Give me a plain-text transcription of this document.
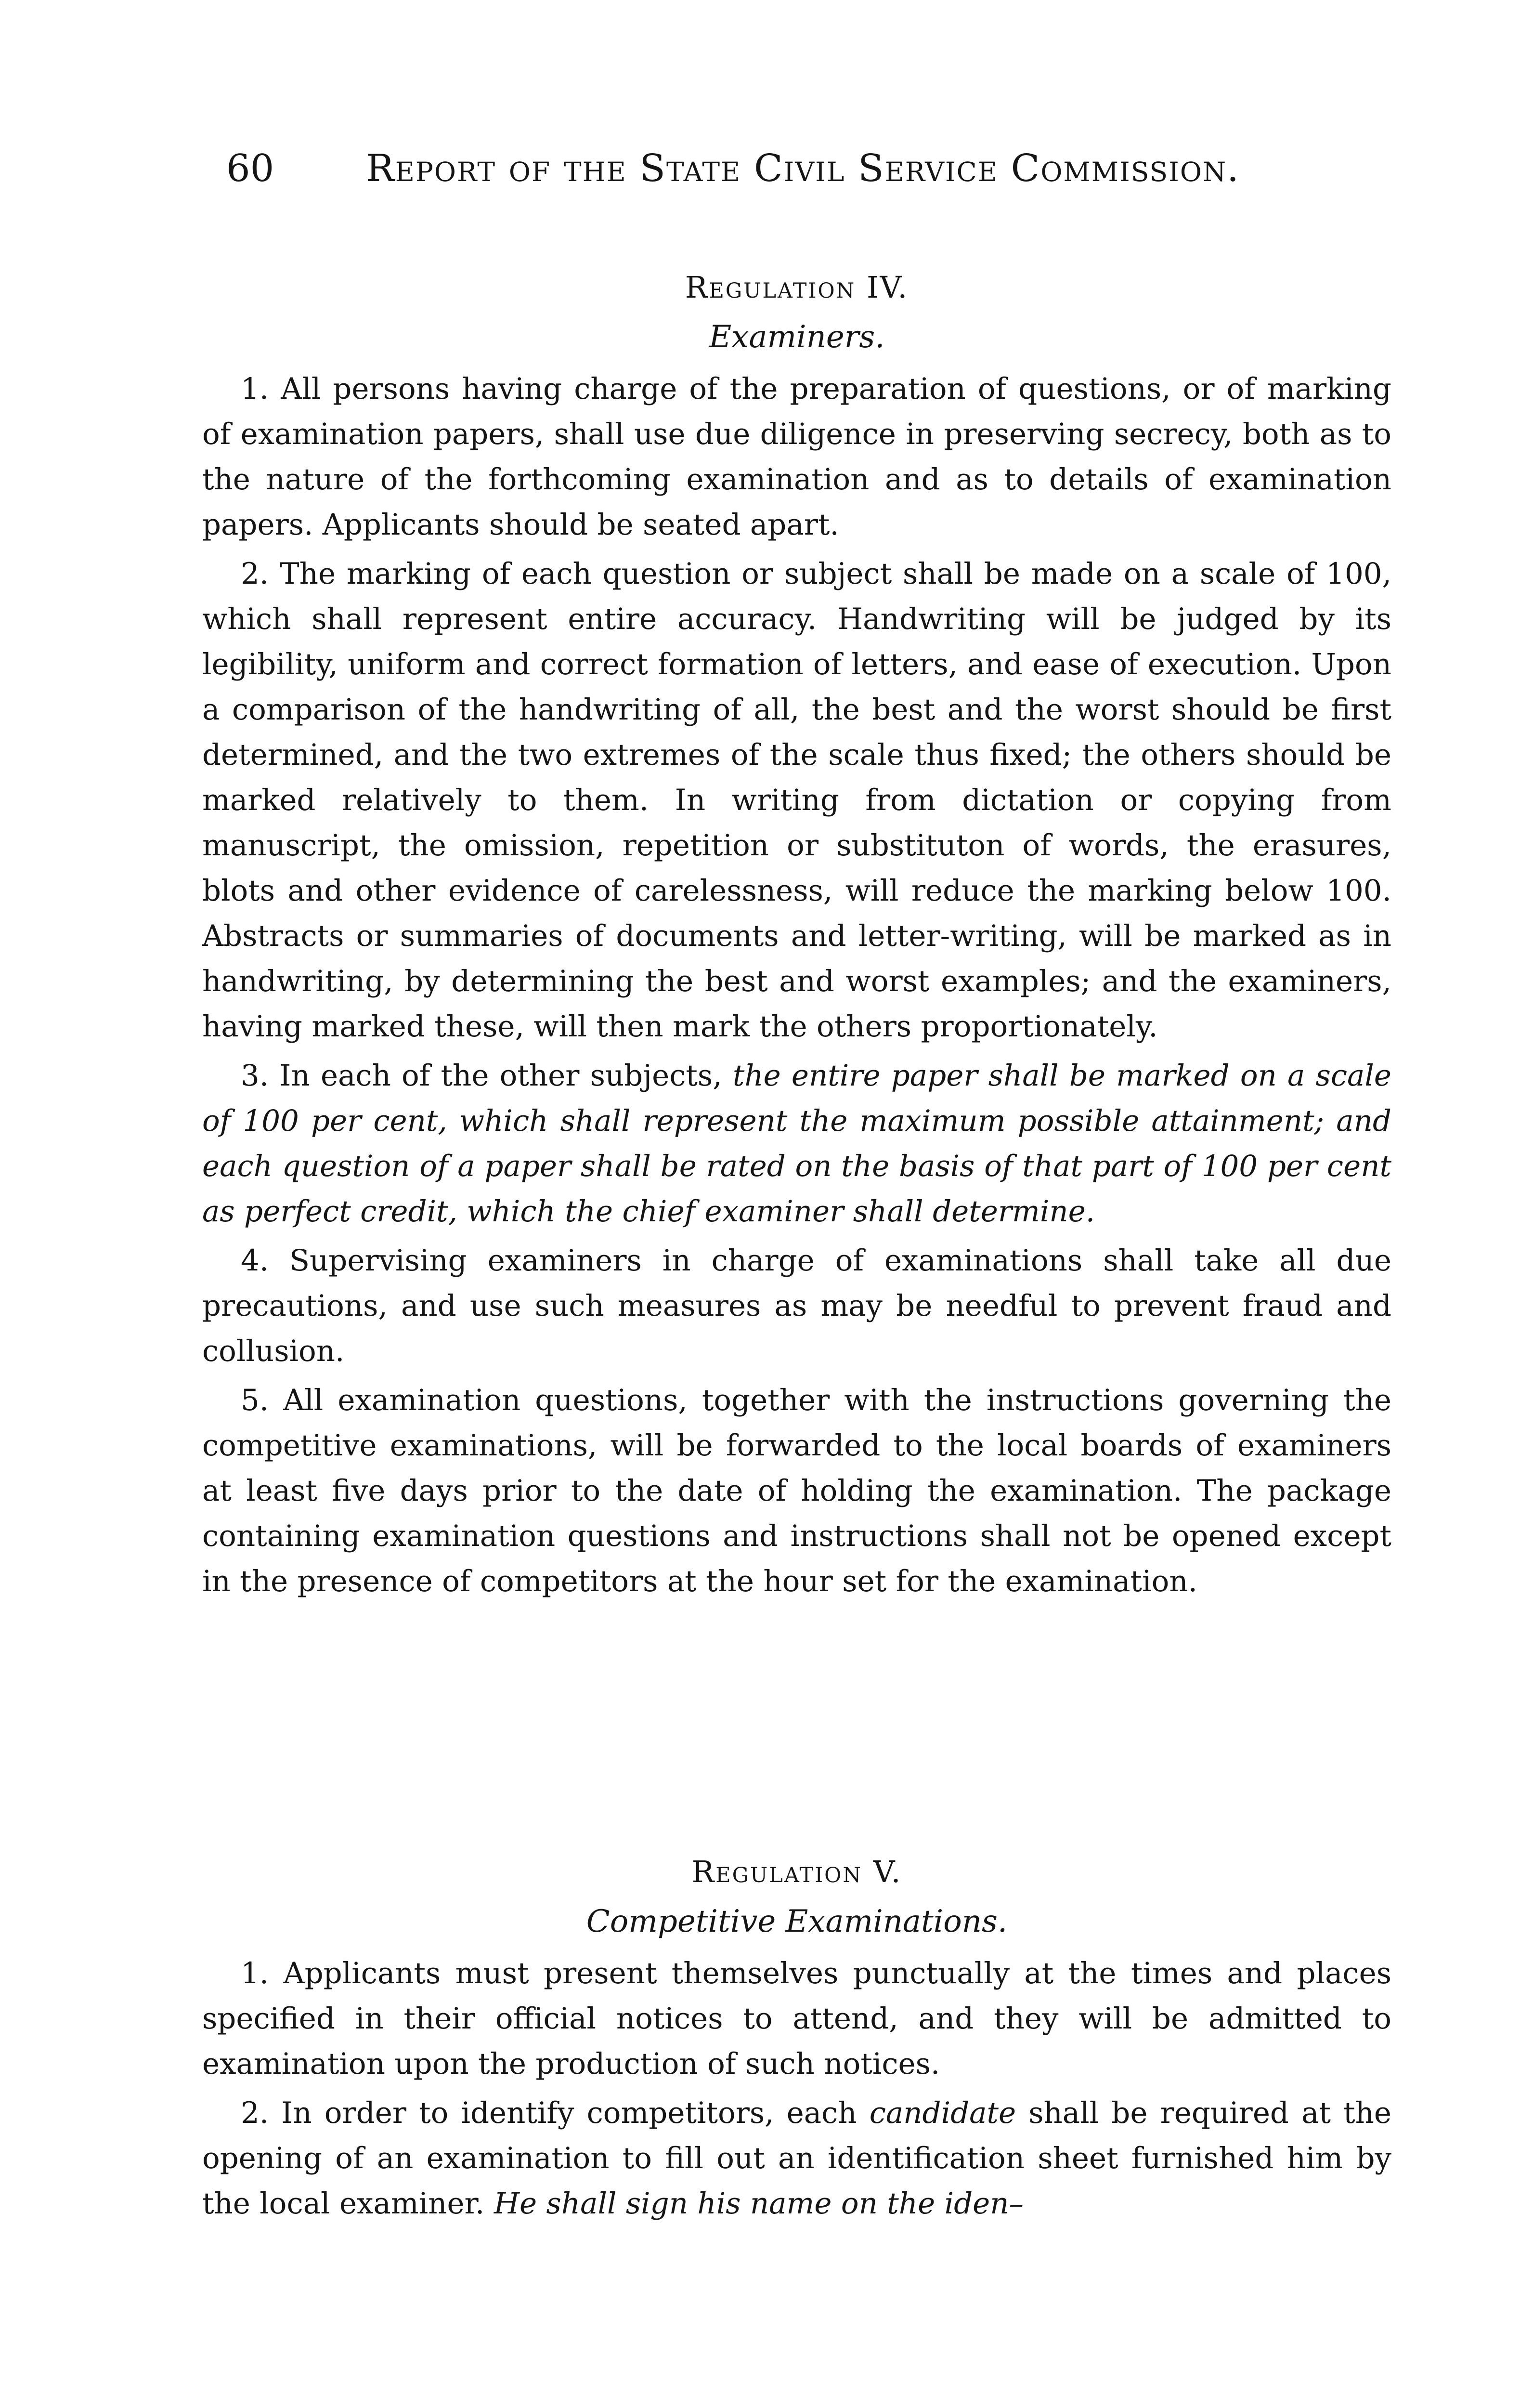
60 Report of the State Civil Service Commission.

Regulation IV.

Examiners.

1. All persons having charge of the preparation of questions, or of marking of examination papers, shall use due diligence in preserving secrecy, both as to the nature of the forthcoming examination and as to details of examination papers. Applicants should be seated apart.

2. The marking of each question or subject shall be made on a scale of 100, which shall represent entire accuracy. Handwriting will be judged by its legibility, uniform and correct formation of letters, and ease of execution. Upon a comparison of the handwriting of all, the best and the worst should be first determined, and the two extremes of the scale thus fixed; the others should be marked relatively to them. In writing from dictation or copying from manuscript, the omission, repetition or substituton of words, the erasures, blots and other evidence of carelessness, will reduce the marking below 100. Abstracts or summaries of documents and letter-writing, will be marked as in handwriting, by determining the best and worst examples; and the examiners, having marked these, will then mark the others proportionately.

3. In each of the other subjects, the entire paper shall be marked on a scale of 100 per cent, which shall represent the maximum possible attainment; and each question of a paper shall be rated on the basis of that part of 100 per cent as perfect credit, which the chief examiner shall determine.

4. Supervising examiners in charge of examinations shall take all due precautions, and use such measures as may be needful to prevent fraud and collusion.

5. All examination questions, together with the instructions governing the competitive examinations, will be forwarded to the local boards of examiners at least five days prior to the date of holding the examination. The package containing examination questions and instructions shall not be opened except in the presence of competitors at the hour set for the examination.

Regulation V.

Competitive Examinations.

1. Applicants must present themselves punctually at the times and places specified in their official notices to attend, and they will be admitted to examination upon the production of such notices.

2. In order to identify competitors, each candidate shall be required at the opening of an examination to fill out an identification sheet furnished him by the local examiner. He shall sign his name on the iden–
